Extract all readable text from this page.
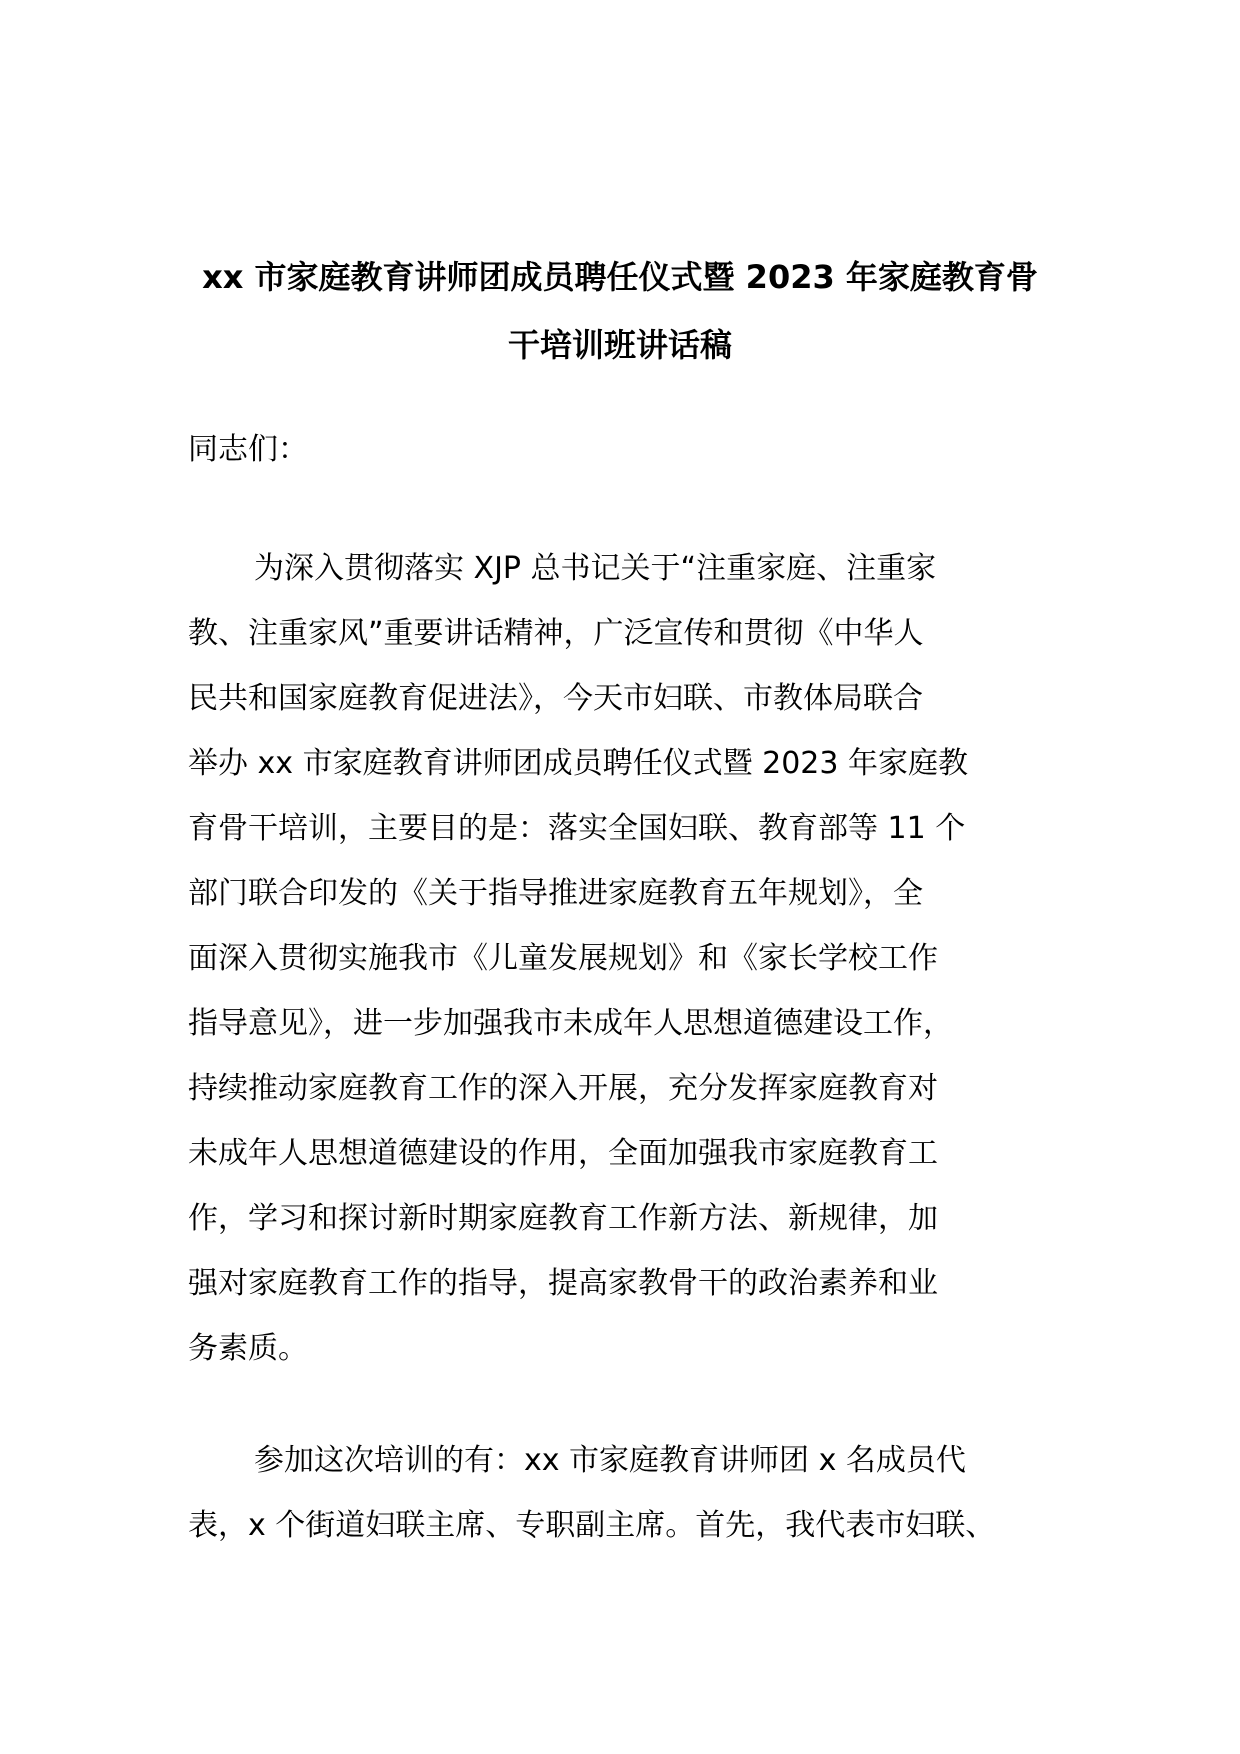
xx 市家庭教育讲师团成员聘任仪式暨 2023 年家庭教育骨
干培训班讲话稿

同志们：

为深入贯彻落实 XJP 总书记关于“注重家庭、注重家
教、注重家风”重要讲话精神，广泛宣传和贯彻《中华人
民共和国家庭教育促进法》，今天市妇联、市教体局联合
举办 xx 市家庭教育讲师团成员聘任仪式暨 2023 年家庭教
育骨干培训，主要目的是：落实全国妇联、教育部等 11 个
部门联合印发的《关于指导推进家庭教育五年规划》，全
面深入贯彻实施我市《儿童发展规划》和《家长学校工作
指导意见》，进一步加强我市未成年人思想道德建设工作，
持续推动家庭教育工作的深入开展，充分发挥家庭教育对
未成年人思想道德建设的作用，全面加强我市家庭教育工
作，学习和探讨新时期家庭教育工作新方法、新规律，加
强对家庭教育工作的指导，提高家教骨干的政治素养和业
务素质。

参加这次培训的有：xx 市家庭教育讲师团 x 名成员代
表，x 个街道妇联主席、专职副主席。首先，我代表市妇联、
